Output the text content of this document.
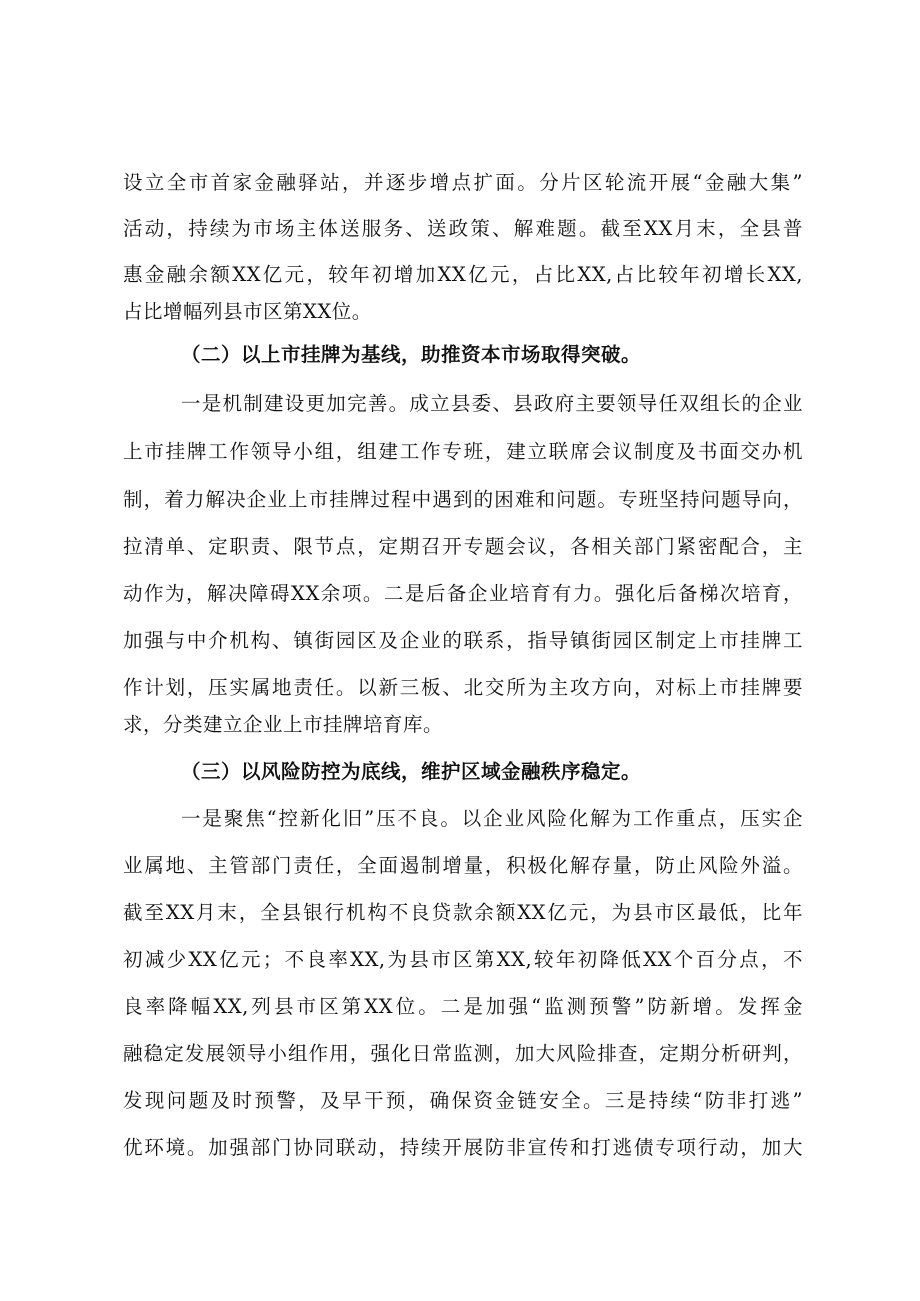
设立全市首家金融驿站，并逐步增点扩面。分片区轮流开展“金融大集”
活动，持续为市场主体送服务、送政策、解难题。截至XX月末，全县普
惠金融余额XX亿元，较年初增加XX亿元，占比XX,占比较年初增长XX,
占比增幅列县市区第XX位。
（二）以上市挂牌为基线，助推资本市场取得突破。
一是机制建设更加完善。成立县委、县政府主要领导任双组长的企业
上市挂牌工作领导小组，组建工作专班，建立联席会议制度及书面交办机
制，着力解决企业上市挂牌过程中遇到的困难和问题。专班坚持问题导向，
拉清单、定职责、限节点，定期召开专题会议，各相关部门紧密配合，主
动作为，解决障碍XX余项。二是后备企业培育有力。强化后备梯次培育，
加强与中介机构、镇街园区及企业的联系，指导镇街园区制定上市挂牌工
作计划，压实属地责任。以新三板、北交所为主攻方向，对标上市挂牌要
求，分类建立企业上市挂牌培育库。
（三）以风险防控为底线，维护区域金融秩序稳定。
一是聚焦“控新化旧”压不良。以企业风险化解为工作重点，压实企
业属地、主管部门责任，全面遏制增量，积极化解存量，防止风险外溢。
截至XX月末，全县银行机构不良贷款余额XX亿元，为县市区最低，比年
初减少XX亿元；不良率XX,为县市区第XX,较年初降低XX个百分点，不
良率降幅XX,列县市区第XX位。二是加强“监测预警”防新增。发挥金
融稳定发展领导小组作用，强化日常监测，加大风险排查，定期分析研判，
发现问题及时预警，及早干预，确保资金链安全。三是持续“防非打逃”
优环境。加强部门协同联动，持续开展防非宣传和打逃债专项行动，加大
